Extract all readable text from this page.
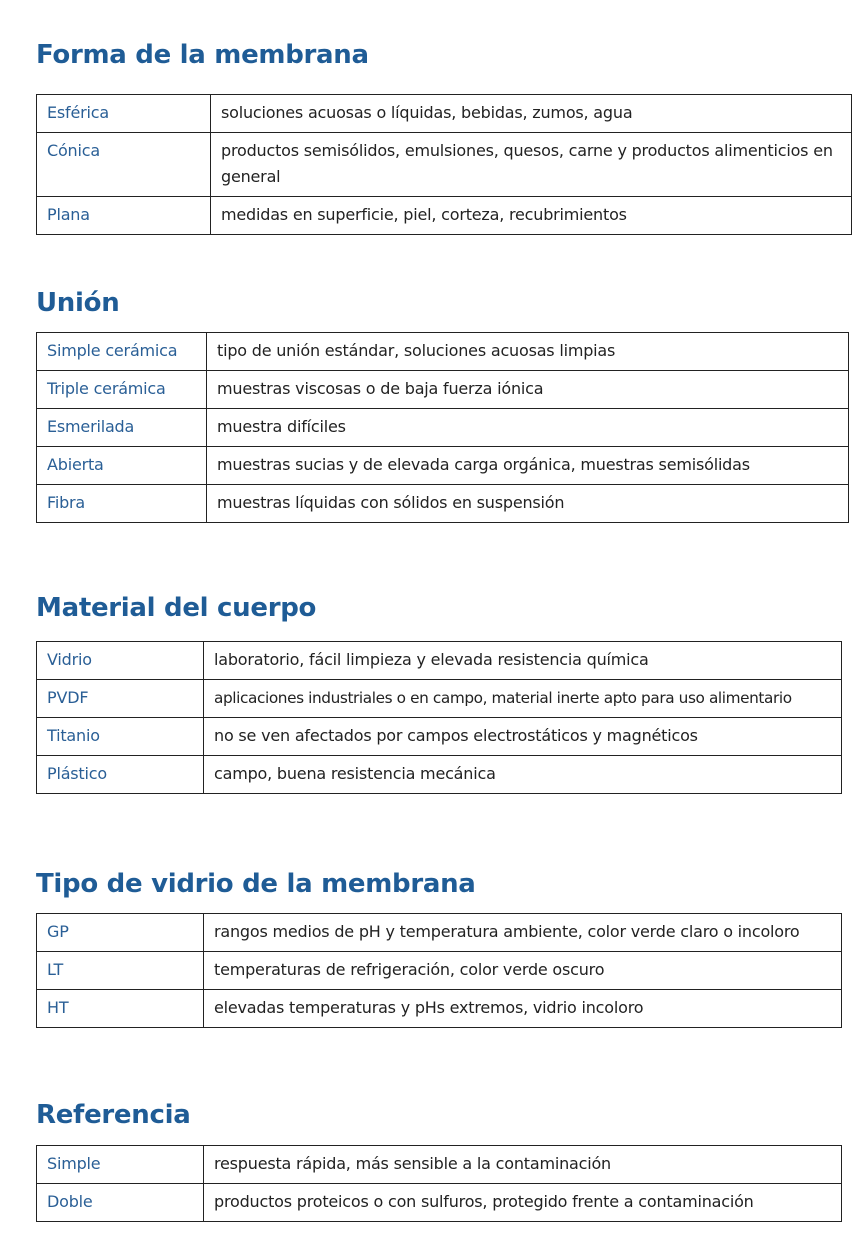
Forma de la membrana
Esférica	soluciones acuosas o líquidas, bebidas, zumos, agua
Cónica	productos semisólidos, emulsiones, quesos, carne y productos alimenticios en general
Plana	medidas en superficie, piel, corteza, recubrimientos
Unión
Simple cerámica	tipo de unión estándar, soluciones acuosas limpias
Triple cerámica	muestras viscosas o de baja fuerza iónica
Esmerilada	muestra difíciles
Abierta	muestras sucias y de elevada carga orgánica, muestras semisólidas
Fibra	muestras líquidas con sólidos en suspensión
Material del cuerpo
Vidrio	laboratorio, fácil limpieza y elevada resistencia química
PVDF	aplicaciones industriales o en campo, material inerte apto para uso alimentario
Titanio	no se ven afectados por campos electrostáticos y magnéticos
Plástico	campo, buena resistencia mecánica
Tipo de vidrio de la membrana
GP	rangos medios de pH y temperatura ambiente, color verde claro o incoloro
LT	temperaturas de refrigeración, color verde oscuro
HT	elevadas temperaturas y pHs extremos, vidrio incoloro
Referencia
Simple	respuesta rápida, más sensible a la contaminación
Doble	productos proteicos o con sulfuros, protegido frente a contaminación
